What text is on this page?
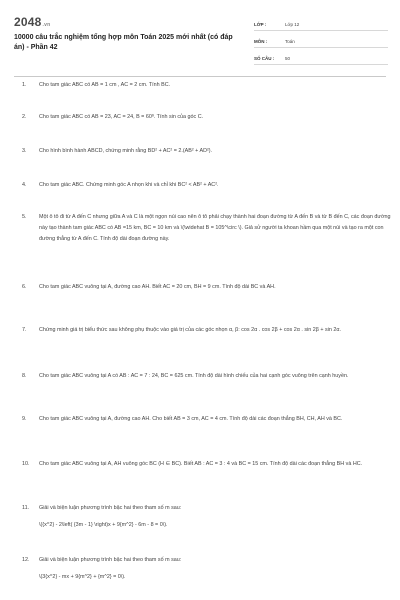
2048.vn
10000 câu trắc nghiệm tổng hợp môn Toán 2025 mới nhất (có đáp án) - Phần 42
LỚP :	Lớp 12
MÔN :	Toán
SỐ CÂU :	50
1.	Cho tam giác ABC có AB = 1 cm , AC = 2 cm. Tính BC.
2.	Cho tam giác ABC có AB = 23, AC = 24, B = 60º. Tính sin của góc C.
3.	Cho hình bình hành ABCD, chứng minh rằng BD² + AC² = 2.(AB² + AD²).
4.	Cho tam giác ABC. Chứng minh góc A nhọn khi và chỉ khi BC² < AB² + AC².
5.	Một ô tô đi từ A đến C nhưng giữa A và C là một ngọn núi cao nên ô tô phải chạy thành hai đoạn đường từ A đến B và từ B đến C, các đoạn đường này tạo thành tam giác ABC có AB =15 km, BC = 10 km và \(\widehat B = 105^\circ \). Giả sử người ta khoan hầm qua một núi và tạo ra một con đường thẳng từ A đến C. Tính độ dài đoạn đường này.
6.	Cho tam giác ABC vuông tại A, đường cao AH. Biết AC = 20 cm, BH = 9 cm. Tính độ dài BC và AH.
7.	Chứng minh giá trị biểu thức sau không phụ thuộc vào giá trị của các góc nhọn α, β: cos 2α . cos 2β + cos 2α . sin 2β + sin 2α.
8.	Cho tam giác ABC vuông tại A có AB : AC = 7 : 24, BC = 625 cm. Tính độ dài hình chiếu của hai cạnh góc vuông trên cạnh huyền.
9.	Cho tam giác ABC vuông tại A, đường cao AH. Cho biết AB = 3 cm, AC = 4 cm. Tính độ dài các đoạn thẳng BH, CH, AH và BC.
10.	Cho tam giác ABC vuông tại A, AH vuông góc BC (H ∈ BC). Biết AB : AC = 3 : 4 và BC = 15 cm. Tính độ dài các đoạn thẳng BH và HC.
11.	Giải và biện luận phương trình bậc hai theo tham số m sau:
\({x^2} - 2\left( {3m - 1} \right)x + 9{m^2} - 6m - 8 = 0\).
12.	Giải và biện luận phương trình bậc hai theo tham số m sau:
\(3{x^2} - mx + 9{m^2} + {m^2} = 0\).
